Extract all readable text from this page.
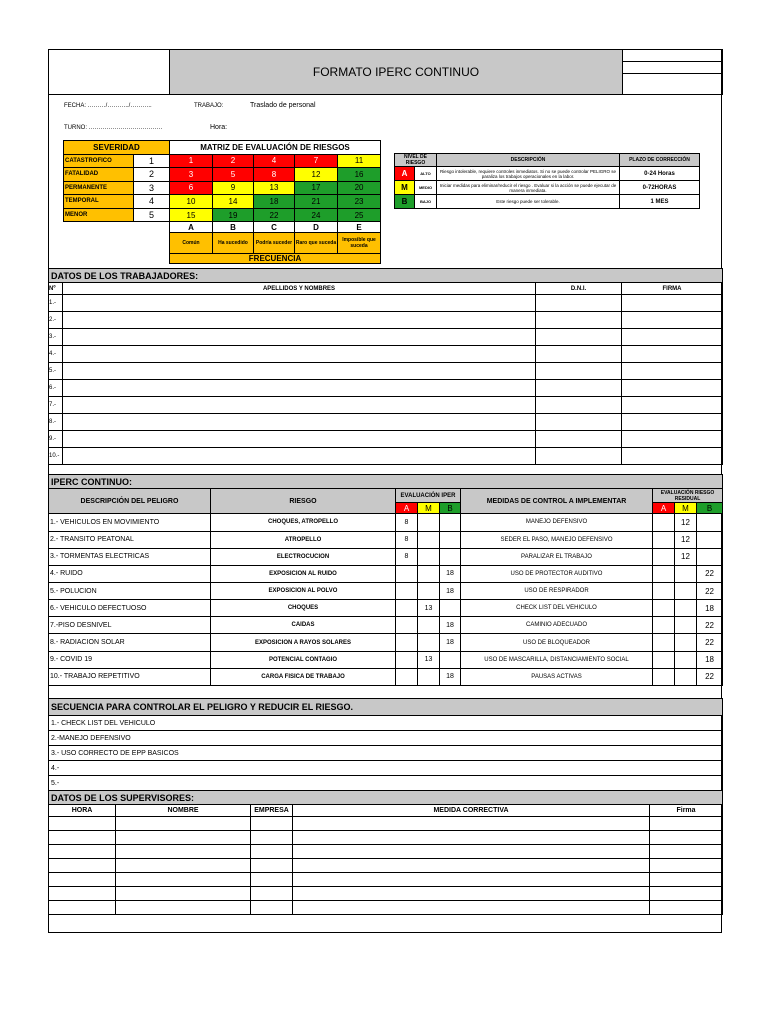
	FORMATO IPERC CONTINUO	

FECHA: ………/………../………..	TRABAJO:	Traslado de personal
TURNO: ……………………………….	Hora:
SEVERIDAD		MATRIZ DE EVALUACIÓN DE RIESGOS				
CATASTROFICO	1	1	2	4	7	11
FATALIDAD	2	3	5	8	12	16
PERMANENTE	3	6	9	13	17	20
TEMPORAL	4	10	14	18	21	23
MENOR	5	15	19	22	24	25
		A	B	C	D	E
		Común	Ha sucedido	Podría suceder	Raro que suceda	Imposible que suceda
		FRECUENCIA				
NIVEL DE RIESGO		DESCRIPCIÓN	PLAZO DE CORRECCIÓN
A	ALTO	Riesgo intolerable, requiere controles inmediatos. Si no se puede controlar PELIGRO se paraliza los trabajos operacionales en la labor.	0-24 Horas
M	MEDIO	Iniciar medidas para eliminar/reducir el riesgo . Evaluar si la acción se puede ejecutar de manera inmediata.	0-72HORAS
B	BAJO	Este riesgo puede ser tolerable.	1 MES
DATOS DE LOS TRABAJADORES:			
Nº	APELLIDOS Y NOMBRES	D.N.I.	FIRMA
1.-			
2.-			
3.-			
4.-			
5.-			
6.-			
7.-			
8.-			
9.-			
10.-			
IPERC CONTINUO:								
DESCRIPCIÓN DEL PELIGRO	RIESGO	EVALUACIÓN IPER			MEDIDAS DE CONTROL A IMPLEMENTAR	EVALUACIÓN RIESGO RESIDUAL		
		A	M	B		A	M	B
1.- VEHICULOS EN MOVIMIENTO	CHOQUES, ATROPELLO	8			MANEJO DEFENSIVO		12	
2.- TRANSITO PEATONAL	ATROPELLO	8			SEDER EL PASO, MANEJO DEFENSIVO		12	
3.- TORMENTAS ELECTRICAS	ELECTROCUCION	8			PARALIZAR EL TRABAJO		12	
4.- RUIDO	EXPOSICION AL RUIDO			18	USO DE PROTECTOR AUDITIVO			22
5.- POLUCION	EXPOSICION AL POLVO			18	USO DE RESPIRADOR			22
6.- VEHICULO DEFECTUOSO	CHOQUES		13		CHECK LIST DEL VEHICULO			18
7.-PISO DESNIVEL	CAIDAS			18	CAMINIO ADECUADO			22
8.- RADIACION SOLAR	EXPOSICION A RAYOS SOLARES			18	USO DE BLOQUEADOR			22
9.- COVID 19	POTENCIAL CONTAGIO		13		USO DE MASCARILLA, DISTANCIAMIENTO SOCIAL			18
10.- TRABAJO REPETITIVO	CARGA FISICA DE TRABAJO			18	PAUSAS ACTIVAS			22
SECUENCIA PARA CONTROLAR EL PELIGRO Y REDUCIR EL RIESGO.
1.- CHECK LIST DEL VEHICULO
2.-MANEJO DEFENSIVO
3.- USO CORRECTO DE EPP BASICOS
4.-
5.-
DATOS DE LOS SUPERVISORES:				
HORA	NOMBRE	EMPRESA	MEDIDA CORRECTIVA	Firma
